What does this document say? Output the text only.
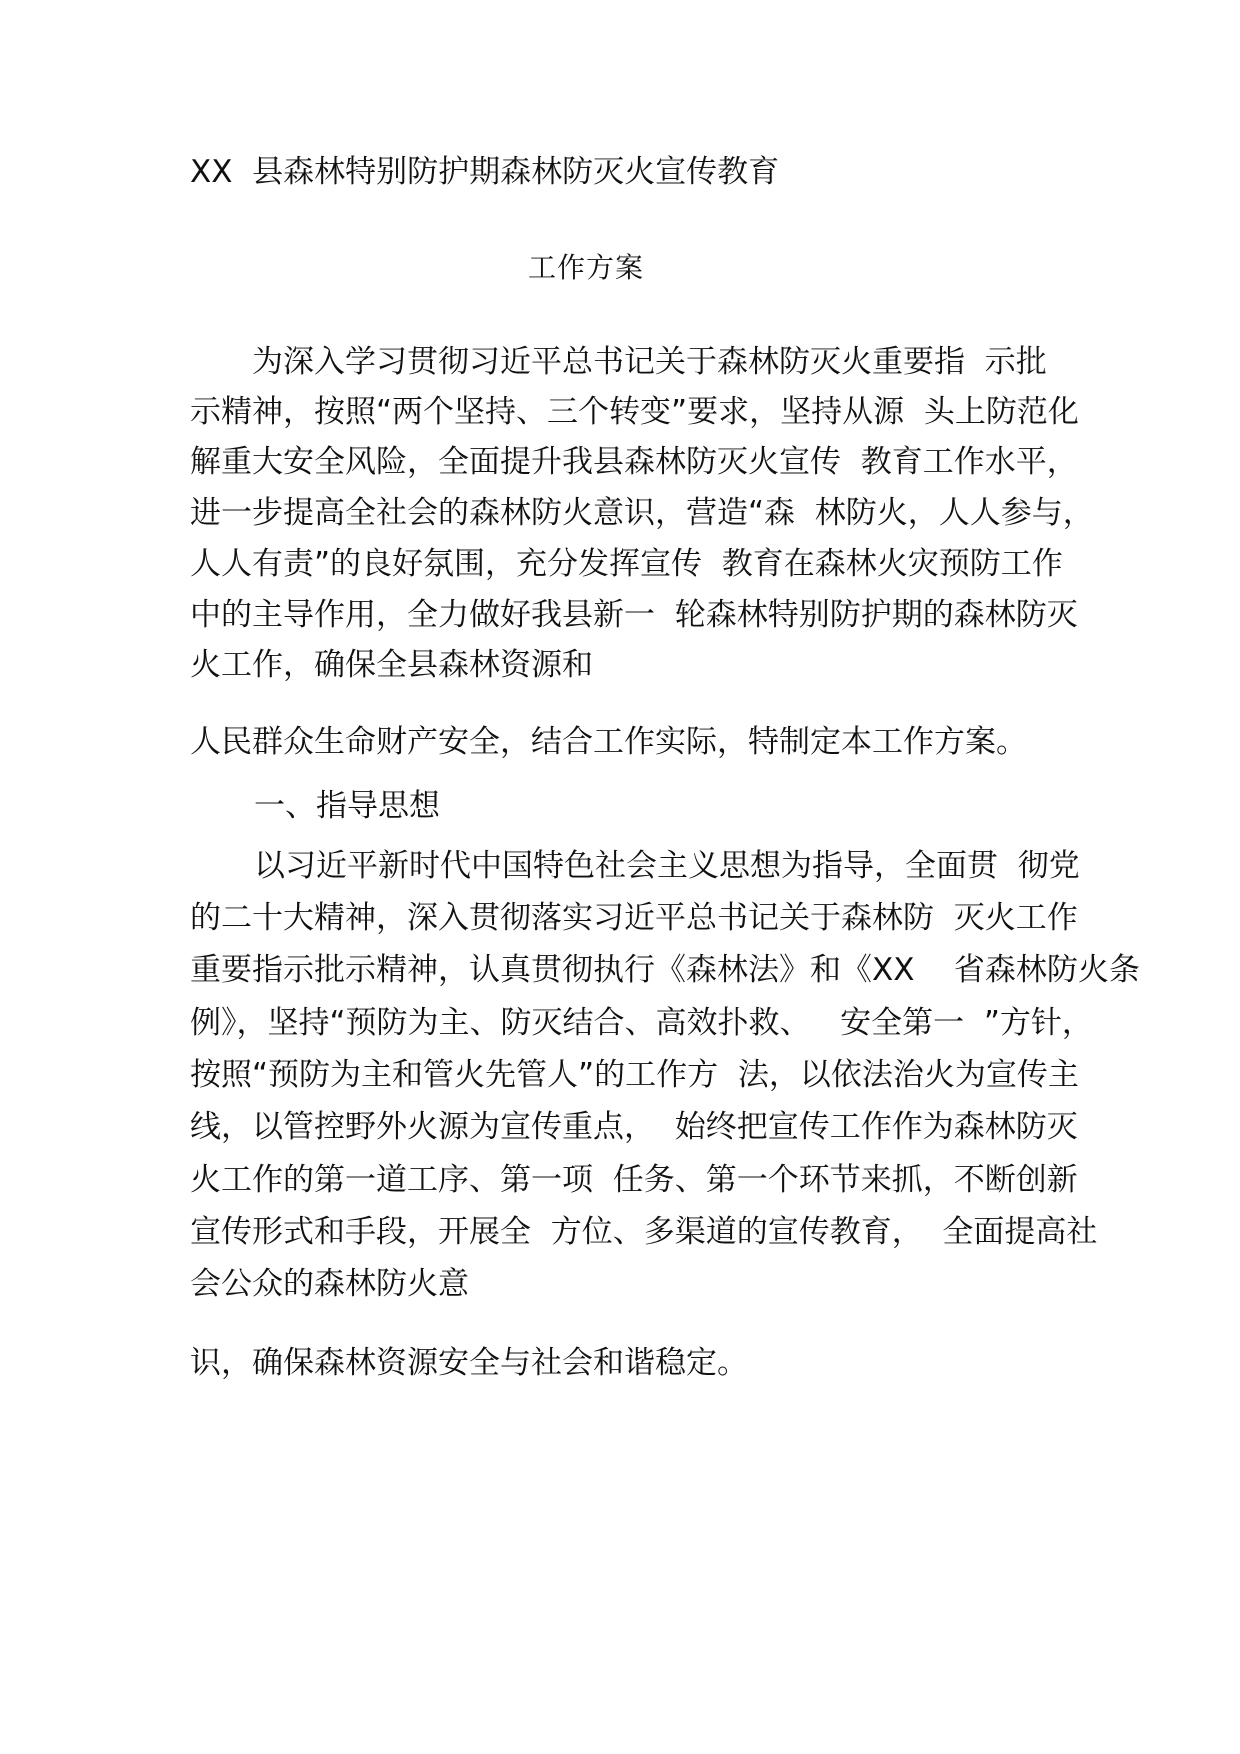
XX  县森林特别防护期森林防灭火宣传教育
工作方案
为深入学习贯彻习近平总书记关于森林防灭火重要指  示批
示精神，按照“两个坚持、三个转变”要求，坚持从源  头上防范化
解重大安全风险，全面提升我县森林防灭火宣传  教育工作水平，
进一步提高全社会的森林防火意识，营造“森  林防火，人人参与，
人人有责”的良好氛围，充分发挥宣传  教育在森林火灾预防工作
中的主导作用，全力做好我县新一  轮森林特别防护期的森林防灭
火工作，确保全县森林资源和
人民群众生命财产安全，结合工作实际，特制定本工作方案。
一、指导思想
以习近平新时代中国特色社会主义思想为指导，全面贯  彻党
的二十大精神，深入贯彻落实习近平总书记关于森林防  灭火工作
重要指示批示精神，认真贯彻执行《森林法》和《XX    省森林防火条
例》，坚持“预防为主、防灭结合、高效扑救、   安全第一  ”方针，
按照“预防为主和管火先管人”的工作方  法，以依法治火为宣传主
线，以管控野外火源为宣传重点，  始终把宣传工作作为森林防灭
火工作的第一道工序、第一项  任务、第一个环节来抓，不断创新
宣传形式和手段，开展全  方位、多渠道的宣传教育，  全面提高社
会公众的森林防火意
识，确保森林资源安全与社会和谐稳定。
